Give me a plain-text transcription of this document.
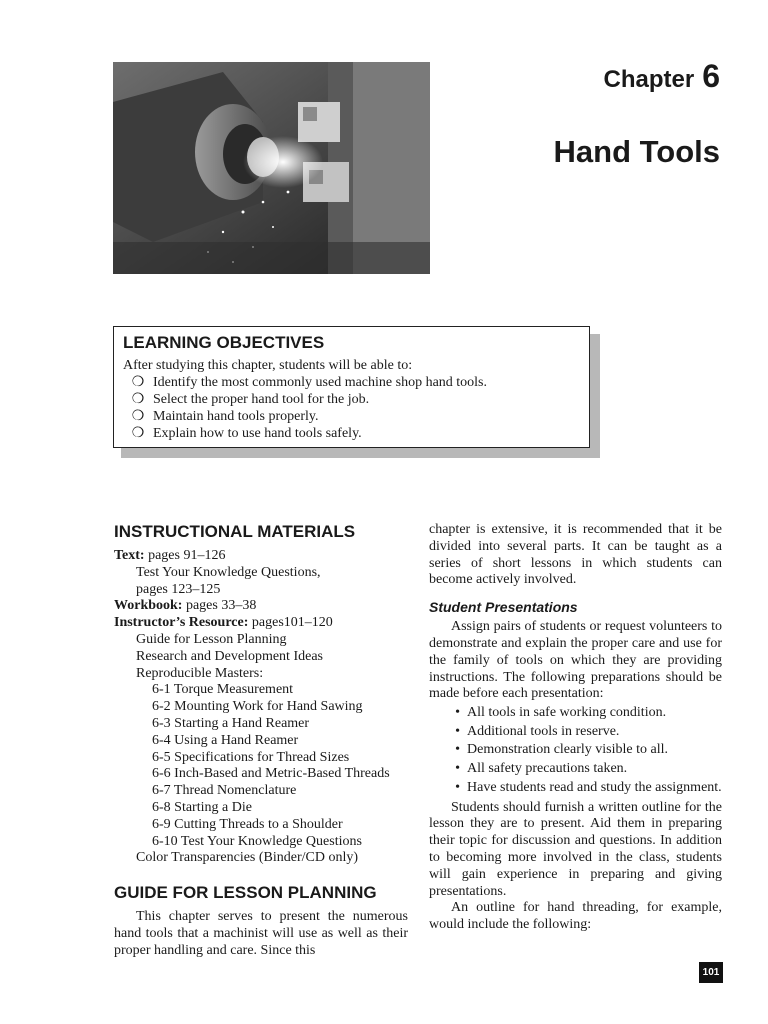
Chapter 6
Hand Tools
LEARNING OBJECTIVES
After studying this chapter, students will be able to:
❍ Identify the most commonly used machine shop hand tools.
❍ Select the proper hand tool for the job.
❍ Maintain hand tools properly.
❍ Explain how to use hand tools safely.
INSTRUCTIONAL MATERIALS
Text: pages 91–126
Test Your Knowledge Questions,
pages 123–125
Workbook: pages 33–38
Instructor’s Resource: pages101–120
Guide for Lesson Planning
Research and Development Ideas
Reproducible Masters:
6-1 Torque Measurement
6-2 Mounting Work for Hand Sawing
6-3 Starting a Hand Reamer
6-4 Using a Hand Reamer
6-5 Specifications for Thread Sizes
6-6 Inch-Based and Metric-Based Threads
6-7 Thread Nomenclature
6-8 Starting a Die
6-9 Cutting Threads to a Shoulder
6-10 Test Your Knowledge Questions
Color Transparencies (Binder/CD only)
GUIDE FOR LESSON PLANNING

This chapter serves to present the numerous hand tools that a machinist will use as well as their proper handling and care. Since this

chapter is extensive, it is recommended that it be divided into several parts. It can be taught as a series of short lessons in which students can become actively involved.

Student Presentations

Assign pairs of students or request volunteers to demonstrate and explain the proper care and use for the family of tools on which they are providing instructions. The following preparations should be made before each presentation:

• All tools in safe working condition.
• Additional tools in reserve.
• Demonstration clearly visible to all.
• All safety precautions taken.
• Have students read and study the assignment.

Students should furnish a written outline for the lesson they are to present. Aid them in preparing their topic for discussion and questions. In addition to becoming more involved in the class, students will gain experience in preparing and giving presentations.

An outline for hand threading, for example, would include the following:

101
